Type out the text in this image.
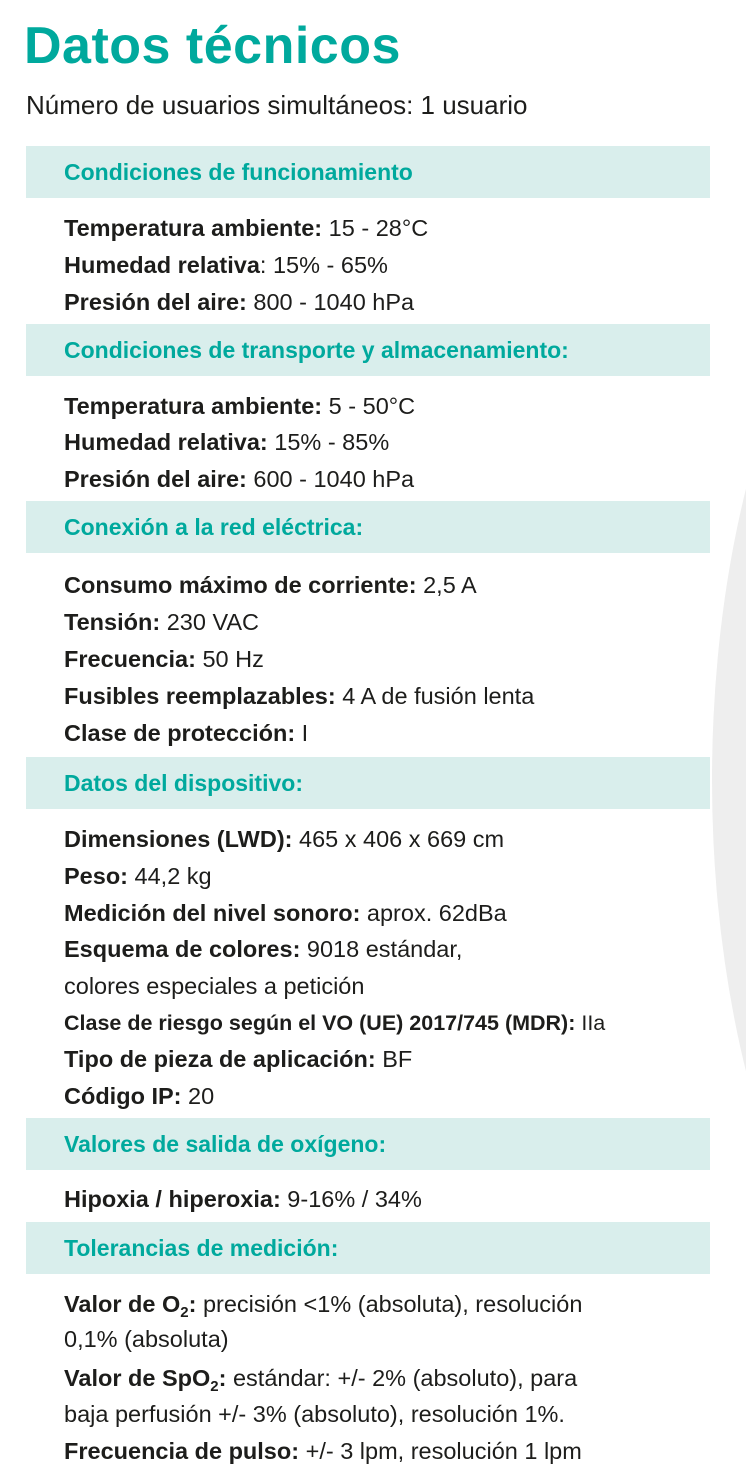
Datos técnicos
Número de usuarios simultáneos: 1 usuario
Condiciones de funcionamiento
Temperatura ambiente: 15 - 28°C
Humedad relativa: 15% - 65%
Presión del aire: 800 - 1040 hPa
Condiciones de transporte y almacenamiento:
Temperatura ambiente: 5 - 50°C
Humedad relativa: 15% - 85%
Presión del aire: 600 - 1040 hPa
Conexión a la red eléctrica:
Consumo máximo de corriente: 2,5 A
Tensión: 230 VAC
Frecuencia: 50 Hz
Fusibles reemplazables: 4 A de fusión lenta
Clase de protección: I
Datos del dispositivo:
Dimensiones (LWD): 465 x 406 x 669 cm
Peso: 44,2 kg
Medición del nivel sonoro: aprox. 62dBa
Esquema de colores: 9018 estándar,
colores especiales a petición
Clase de riesgo según el VO (UE) 2017/745 (MDR): IIa
Tipo de pieza de aplicación: BF
Código IP: 20
Valores de salida de oxígeno:
Hipoxia / hiperoxia: 9-16% / 34%
Tolerancias de medición:
Valor de $O_2$: precisión <1% (absoluta), resolución
0,1% (absoluta)
Valor de SpO$_2$: estándar: +/- 2% (absoluto), para
baja perfusión +/- 3% (absoluto), resolución 1%.
Frecuencia de pulso: +/- 3 lpm, resolución 1 lpm
